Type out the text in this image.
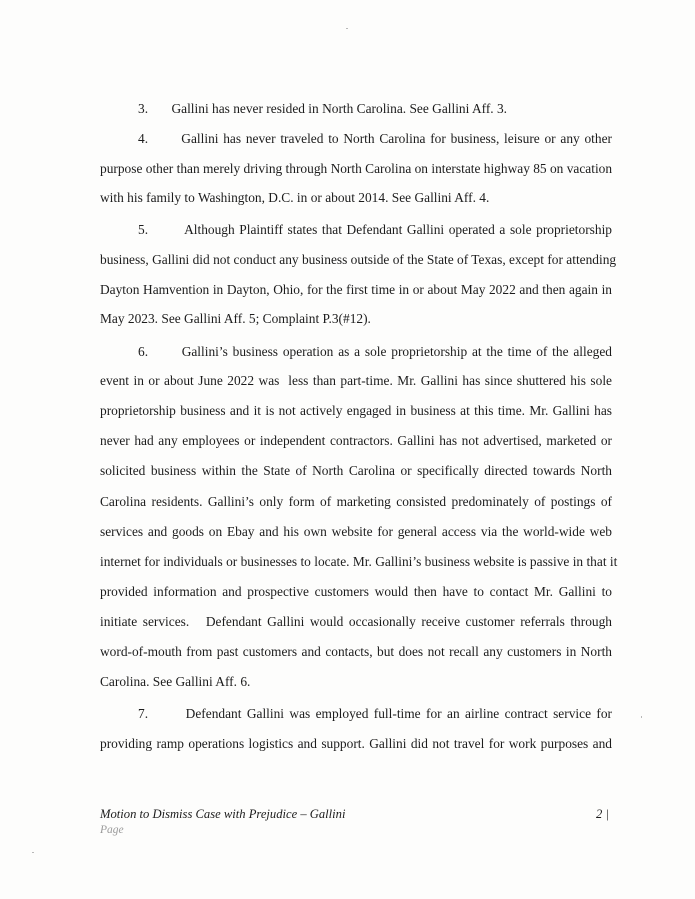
3.       Gallini has never resided in North Carolina. See Gallini Aff. 3.
4.       Gallini has never traveled to North Carolina for business, leisure or any other
purpose other than merely driving through North Carolina on interstate highway 85 on vacation
with his family to Washington, D.C. in or about 2014. See Gallini Aff. 4.
5.        Although Plaintiff states that Defendant Gallini operated a sole proprietorship
business, Gallini did not conduct any business outside of the State of Texas, except for attending
Dayton Hamvention in Dayton, Ohio, for the first time in or about May 2022 and then again in
May 2023. See Gallini Aff. 5; Complaint P.3(#12).
6.       Gallini’s business operation as a sole proprietorship at the time of the alleged
event in or about June 2022 was  less than part-time. Mr. Gallini has since shuttered his sole
proprietorship business and it is not actively engaged in business at this time. Mr. Gallini has
never had any employees or independent contractors. Gallini has not advertised, marketed or
solicited business within the State of North Carolina or specifically directed towards North
Carolina residents. Gallini’s only form of marketing consisted predominately of postings of
services and goods on Ebay and his own website for general access via the world-wide web
internet for individuals or businesses to locate. Mr. Gallini’s business website is passive in that it
provided information and prospective customers would then have to contact Mr. Gallini to
initiate services.   Defendant Gallini would occasionally receive customer referrals through
word-of-mouth from past customers and contacts, but does not recall any customers in North
Carolina. See Gallini Aff. 6.
7.       Defendant Gallini was employed full-time for an airline contract service for
providing ramp operations logistics and support. Gallini did not travel for work purposes and
Motion to Dismiss Case with Prejudice – Gallini
Page
2 |
